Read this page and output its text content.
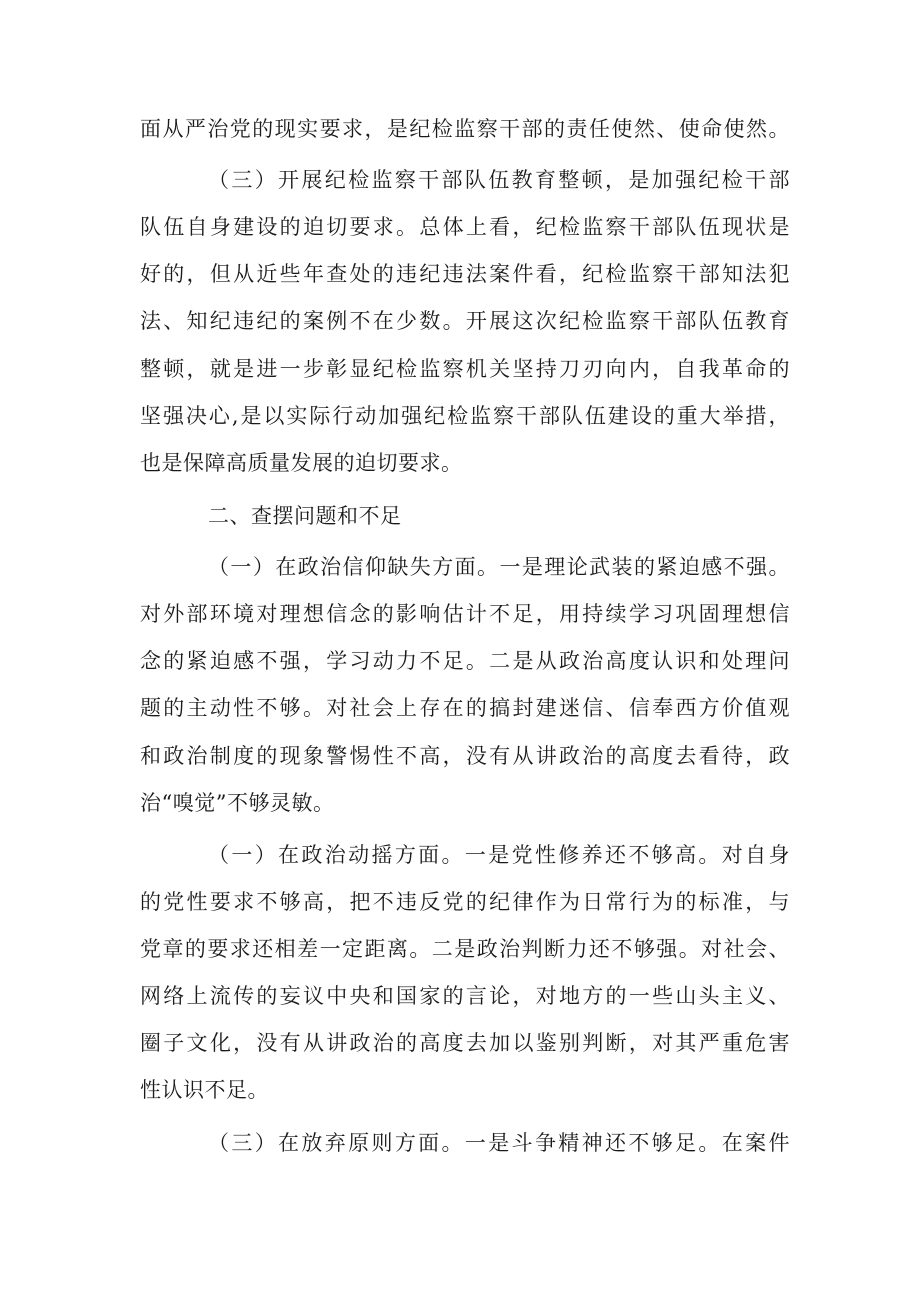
面从严治党的现实要求，是纪检监察干部的责任使然、使命使然。
（三）开展纪检监察干部队伍教育整顿，是加强纪检干部
队伍自身建设的迫切要求。总体上看，纪检监察干部队伍现状是
好的，但从近些年查处的违纪违法案件看，纪检监察干部知法犯
法、知纪违纪的案例不在少数。开展这次纪检监察干部队伍教育
整顿，就是进一步彰显纪检监察机关坚持刀刃向内，自我革命的
坚强决心,是以实际行动加强纪检监察干部队伍建设的重大举措，
也是保障高质量发展的迫切要求。
二、查摆问题和不足
（一）在政治信仰缺失方面。一是理论武装的紧迫感不强。
对外部环境对理想信念的影响估计不足，用持续学习巩固理想信
念的紧迫感不强，学习动力不足。二是从政治高度认识和处理问
题的主动性不够。对社会上存在的搞封建迷信、信奉西方价值观
和政治制度的现象警惕性不高，没有从讲政治的高度去看待，政
治“嗅觉”不够灵敏。
（一）在政治动摇方面。一是党性修养还不够高。对自身
的党性要求不够高，把不违反党的纪律作为日常行为的标准，与
党章的要求还相差一定距离。二是政治判断力还不够强。对社会、
网络上流传的妄议中央和国家的言论，对地方的一些山头主义、
圈子文化，没有从讲政治的高度去加以鉴别判断，对其严重危害
性认识不足。
（三）在放弃原则方面。一是斗争精神还不够足。在案件
